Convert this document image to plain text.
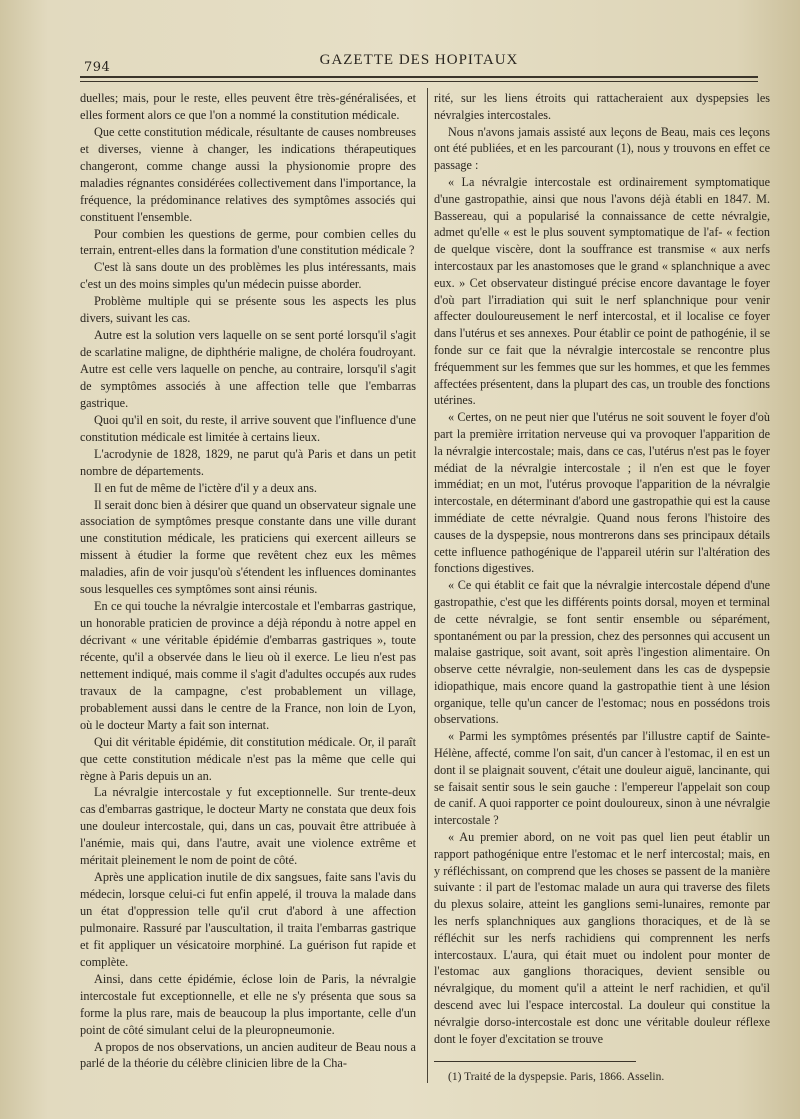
794	GAZETTE DES HOPITAUX

duelles; mais, pour le reste, elles peuvent être très-généralisées, et elles forment alors ce que l'on a nommé la constitution médicale.

Que cette constitution médicale, résultante de causes nombreuses et diverses, vienne à changer, les indications thérapeutiques changeront, comme change aussi la physionomie propre des maladies régnantes considérées collectivement dans l'importance, la fréquence, la prédominance relatives des symptômes associés qui constituent l'ensemble.

Pour combien les questions de germe, pour combien celles du terrain, entrent-elles dans la formation d'une constitution médicale ?

C'est là sans doute un des problèmes les plus intéressants, mais c'est un des moins simples qu'un médecin puisse aborder.

Problème multiple qui se présente sous les aspects les plus divers, suivant les cas.

Autre est la solution vers laquelle on se sent porté lorsqu'il s'agit de scarlatine maligne, de diphthérie maligne, de choléra foudroyant. Autre est celle vers laquelle on penche, au contraire, lorsqu'il s'agit de symptômes associés à une affection telle que l'embarras gastrique.

Quoi qu'il en soit, du reste, il arrive souvent que l'influence d'une constitution médicale est limitée à certains lieux.

L'acrodynie de 1828, 1829, ne parut qu'à Paris et dans un petit nombre de départements.

Il en fut de même de l'ictère d'il y a deux ans.

Il serait donc bien à désirer que quand un observateur signale une association de symptômes presque constante dans une ville durant une constitution médicale, les praticiens qui exercent ailleurs se missent à étudier la forme que revêtent chez eux les mêmes maladies, afin de voir jusqu'où s'étendent les influences dominantes sous lesquelles ces symptômes sont ainsi réunis.

En ce qui touche la névralgie intercostale et l'embarras gastrique, un honorable praticien de province a déjà répondu à notre appel en décrivant « une véritable épidémie d'embarras gastriques », toute récente, qu'il a observée dans le lieu où il exerce. Le lieu n'est pas nettement indiqué, mais comme il s'agit d'adultes occupés aux rudes travaux de la campagne, c'est probablement un village, probablement aussi dans le centre de la France, non loin de Lyon, où le docteur Marty a fait son internat.

Qui dit véritable épidémie, dit constitution médicale. Or, il paraît que cette constitution médicale n'est pas la même que celle qui règne à Paris depuis un an.

La névralgie intercostale y fut exceptionnelle. Sur trente-deux cas d'embarras gastrique, le docteur Marty ne constata que deux fois une douleur intercostale, qui, dans un cas, pouvait être attribuée à l'anémie, mais qui, dans l'autre, avait une violence extrême et méritait pleinement le nom de point de côté.

Après une application inutile de dix sangsues, faite sans l'avis du médecin, lorsque celui-ci fut enfin appelé, il trouva la malade dans un état d'oppression telle qu'il crut d'abord à une affection pulmonaire. Rassuré par l'auscultation, il traita l'embarras gastrique et fit appliquer un vésicatoire morphiné. La guérison fut rapide et complète.

Ainsi, dans cette épidémie, éclose loin de Paris, la névralgie intercostale fut exceptionnelle, et elle ne s'y présenta que sous sa forme la plus rare, mais de beaucoup la plus importante, celle d'un point de côté simulant celui de la pleuropneumonie.

A propos de nos observations, un ancien auditeur de Beau nous a parlé de la théorie du célèbre clinicien libre de la Cha-

rité, sur les liens étroits qui rattacheraient aux dyspepsies les névralgies intercostales.

Nous n'avons jamais assisté aux leçons de Beau, mais ces leçons ont été publiées, et en les parcourant (1), nous y trouvons en effet ce passage :

« La névralgie intercostale est ordinairement symptomatique d'une gastropathie, ainsi que nous l'avons déjà établi en 1847. M. Bassereau, qui a popularisé la connaissance de cette névralgie, admet qu'elle « est le plus souvent symptomatique de l'af- « fection de quelque viscère, dont la souffrance est transmise « aux nerfs intercostaux par les anastomoses que le grand « splanchnique a avec eux. » Cet observateur distingué précise encore davantage le foyer d'où part l'irradiation qui suit le nerf splanchnique pour venir affecter douloureusement le nerf intercostal, et il localise ce foyer dans l'utérus et ses annexes. Pour établir ce point de pathogénie, il se fonde sur ce fait que la névralgie intercostale se rencontre plus fréquemment sur les femmes que sur les hommes, et que les femmes affectées présentent, dans la plupart des cas, un trouble des fonctions utérines.

« Certes, on ne peut nier que l'utérus ne soit souvent le foyer d'où part la première irritation nerveuse qui va provoquer l'apparition de la névralgie intercostale; mais, dans ce cas, l'utérus n'est pas le foyer médiat de la névralgie intercostale ; il n'en est que le foyer immédiat; en un mot, l'utérus provoque l'apparition de la névralgie intercostale, en déterminant d'abord une gastropathie qui est la cause immédiate de cette névralgie. Quand nous ferons l'histoire des causes de la dyspepsie, nous montrerons dans ses principaux détails cette influence pathogénique de l'appareil utérin sur l'altération des fonctions digestives.

« Ce qui établit ce fait que la névralgie intercostale dépend d'une gastropathie, c'est que les différents points dorsal, moyen et terminal de cette névralgie, se font sentir ensemble ou séparément, spontanément ou par la pression, chez des personnes qui accusent un malaise gastrique, soit avant, soit après l'ingestion alimentaire. On observe cette névralgie, non-seulement dans les cas de dyspepsie idiopathique, mais encore quand la gastropathie tient à une lésion organique, telle qu'un cancer de l'estomac; nous en possédons trois observations.

« Parmi les symptômes présentés par l'illustre captif de Sainte-Hélène, affecté, comme l'on sait, d'un cancer à l'estomac, il en est un dont il se plaignait souvent, c'était une douleur aiguë, lancinante, qui se faisait sentir sous le sein gauche : l'empereur l'appelait son coup de canif. A quoi rapporter ce point douloureux, sinon à une névralgie intercostale ?

« Au premier abord, on ne voit pas quel lien peut établir un rapport pathogénique entre l'estomac et le nerf intercostal; mais, en y réfléchissant, on comprend que les choses se passent de la manière suivante : il part de l'estomac malade un aura qui traverse des filets du plexus solaire, atteint les ganglions semi-lunaires, remonte par les nerfs splanchniques aux ganglions thoraciques, et de là se réfléchit sur les nerfs rachidiens qui comprennent les nerfs intercostaux. L'aura, qui était muet ou indolent pour monter de l'estomac aux ganglions thoraciques, devient sensible ou névralgique, du moment qu'il a atteint le nerf rachidien, et qu'il descend avec lui l'espace intercostal. La douleur qui constitue la névralgie dorso-intercostale est donc une véritable douleur réflexe dont le foyer d'excitation se trouve

(1) Traité de la dyspepsie. Paris, 1866. Asselin.
